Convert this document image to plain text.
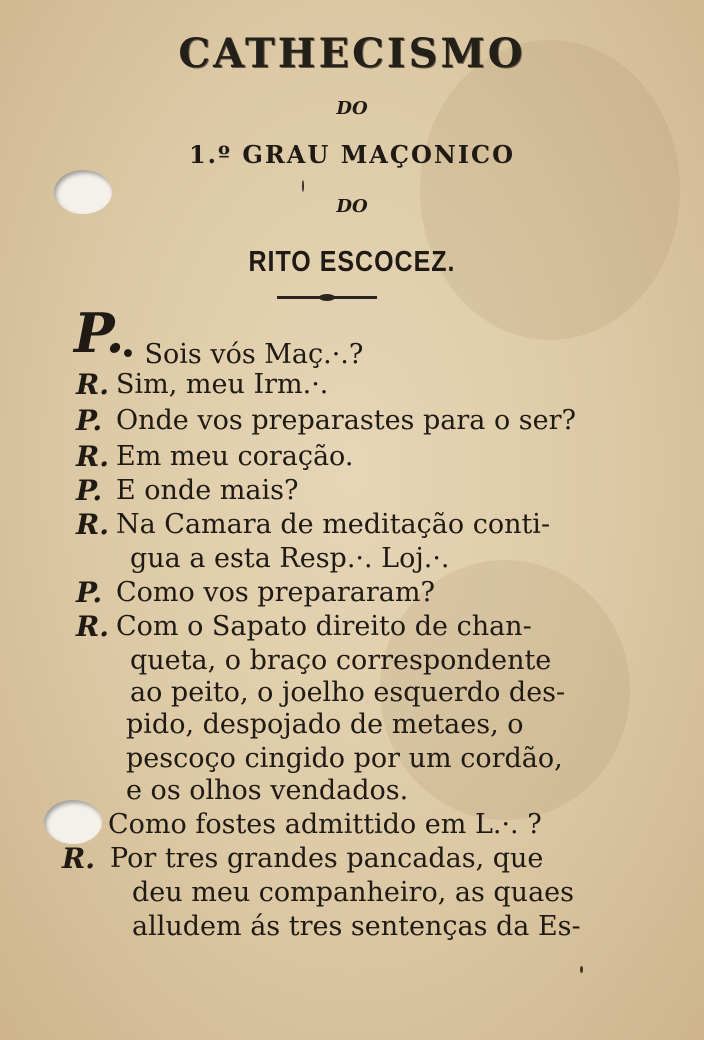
CATHECISMO
DO
1.º GRAU MAÇONICO
DO
RITO ESCOCEZ.
P.
• Sois vós Maç.·.?
R. Sim, meu Irm.·.
P. Onde vos preparastes para o ser?
R. Em meu coração.
P. E onde mais?
R. Na Camara de meditação conti-
gua a esta Resp.·. Loj.·.
P. Como vos prepararam?
R. Com o Sapato direito de chan-
queta, o braço correspondente
ao peito, o joelho esquerdo des-
pido, despojado de metaes, o
pescoço cingido por um cordão,
e os olhos vendados.
Como fostes admittido em L.·. ?
R. Por tres grandes pancadas, que
deu meu companheiro, as quaes
alludem ás tres sentenças da Es-
